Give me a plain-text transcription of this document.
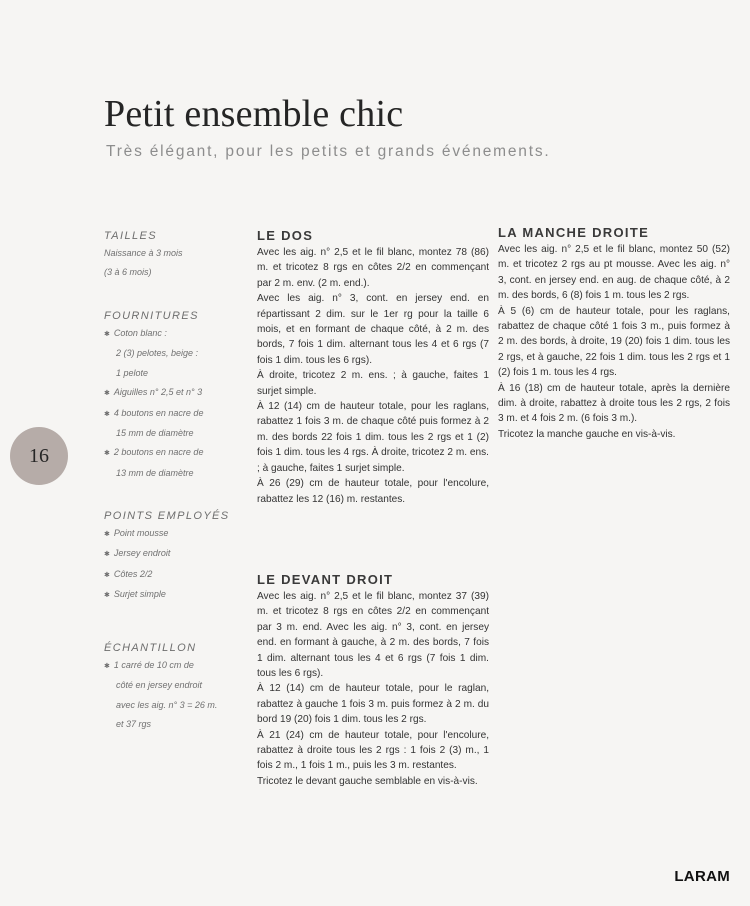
Petit ensemble chic
Très élégant, pour les petits et grands événements.
16
TAILLES
Naissance à 3 mois
(3 à 6 mois)
FOURNITURES
✱ Coton blanc :
2 (3) pelotes, beige :
1 pelote
✱ Aiguilles n° 2,5 et n° 3
✱ 4 boutons en nacre de
15 mm de diamètre
✱ 2 boutons en nacre de
13 mm de diamètre
POINTS EMPLOYÉS
✱ Point mousse
✱ Jersey endroit
✱ Côtes 2/2
✱ Surjet simple
ÉCHANTILLON
✱ 1 carré de 10 cm de
côté en jersey endroit
avec les aig. n° 3 = 26 m.
et 37 rgs
LE DOS

Avec les aig. n° 2,5 et le fil blanc, montez 78 (86) m. et tricotez 8 rgs en côtes 2/2 en commençant par 2 m. env. (2 m. end.).

Avec les aig. n° 3, cont. en jersey end. en répartissant 2 dim. sur le 1er rg pour la taille 6 mois, et en formant de chaque côté, à 2 m. des bords, 7 fois 1 dim. alternant tous les 4 et 6 rgs (7 fois 1 dim. tous les 6 rgs).

À droite, tricotez 2 m. ens. ; à gauche, faites 1 surjet simple.

À 12 (14) cm de hauteur totale, pour les raglans, rabattez 1 fois 3 m. de chaque côté puis formez à 2 m. des bords 22 fois 1 dim. tous les 2 rgs et 1 (2) fois 1 dim. tous les 4 rgs. À droite, tricotez 2 m. ens. ; à gauche, faites 1 surjet simple.

À 26 (29) cm de hauteur totale, pour l'encolure, rabattez les 12 (16) m. restantes.

LE DEVANT DROIT

Avec les aig. n° 2,5 et le fil blanc, montez 37 (39) m. et tricotez 8 rgs en côtes 2/2 en commençant par 3 m. end. Avec les aig. n° 3, cont. en jersey end. en formant à gauche, à 2 m. des bords, 7 fois 1 dim. alternant tous les 4 et 6 rgs (7 fois 1 dim. tous les 6 rgs).

À 12 (14) cm de hauteur totale, pour le raglan, rabattez à gauche 1 fois 3 m. puis formez à 2 m. du bord 19 (20) fois 1 dim. tous les 2 rgs.

À 21 (24) cm de hauteur totale, pour l'encolure, rabattez à droite tous les 2 rgs : 1 fois 2 (3) m., 1 fois 2 m., 1 fois 1 m., puis les 3 m. restantes.

Tricotez le devant gauche semblable en vis-à-vis.

LA MANCHE DROITE

Avec les aig. n° 2,5 et le fil blanc, montez 50 (52) m. et tricotez 2 rgs au pt mousse. Avec les aig. n° 3, cont. en jersey end. en aug. de chaque côté, à 2 m. des bords, 6 (8) fois 1 m. tous les 2 rgs.

À 5 (6) cm de hauteur totale, pour les raglans, rabattez de chaque côté 1 fois 3 m., puis formez à 2 m. des bords, à droite, 19 (20) fois 1 dim. tous les 2 rgs, et à gauche, 22 fois 1 dim. tous les 2 rgs et 1 (2) fois 1 m. tous les 4 rgs.

À 16 (18) cm de hauteur totale, après la dernière dim. à droite, rabattez à droite tous les 2 rgs, 2 fois 3 m. et 4 fois 2 m. (6 fois 3 m.).

Tricotez la manche gauche en vis-à-vis.

LARAM
